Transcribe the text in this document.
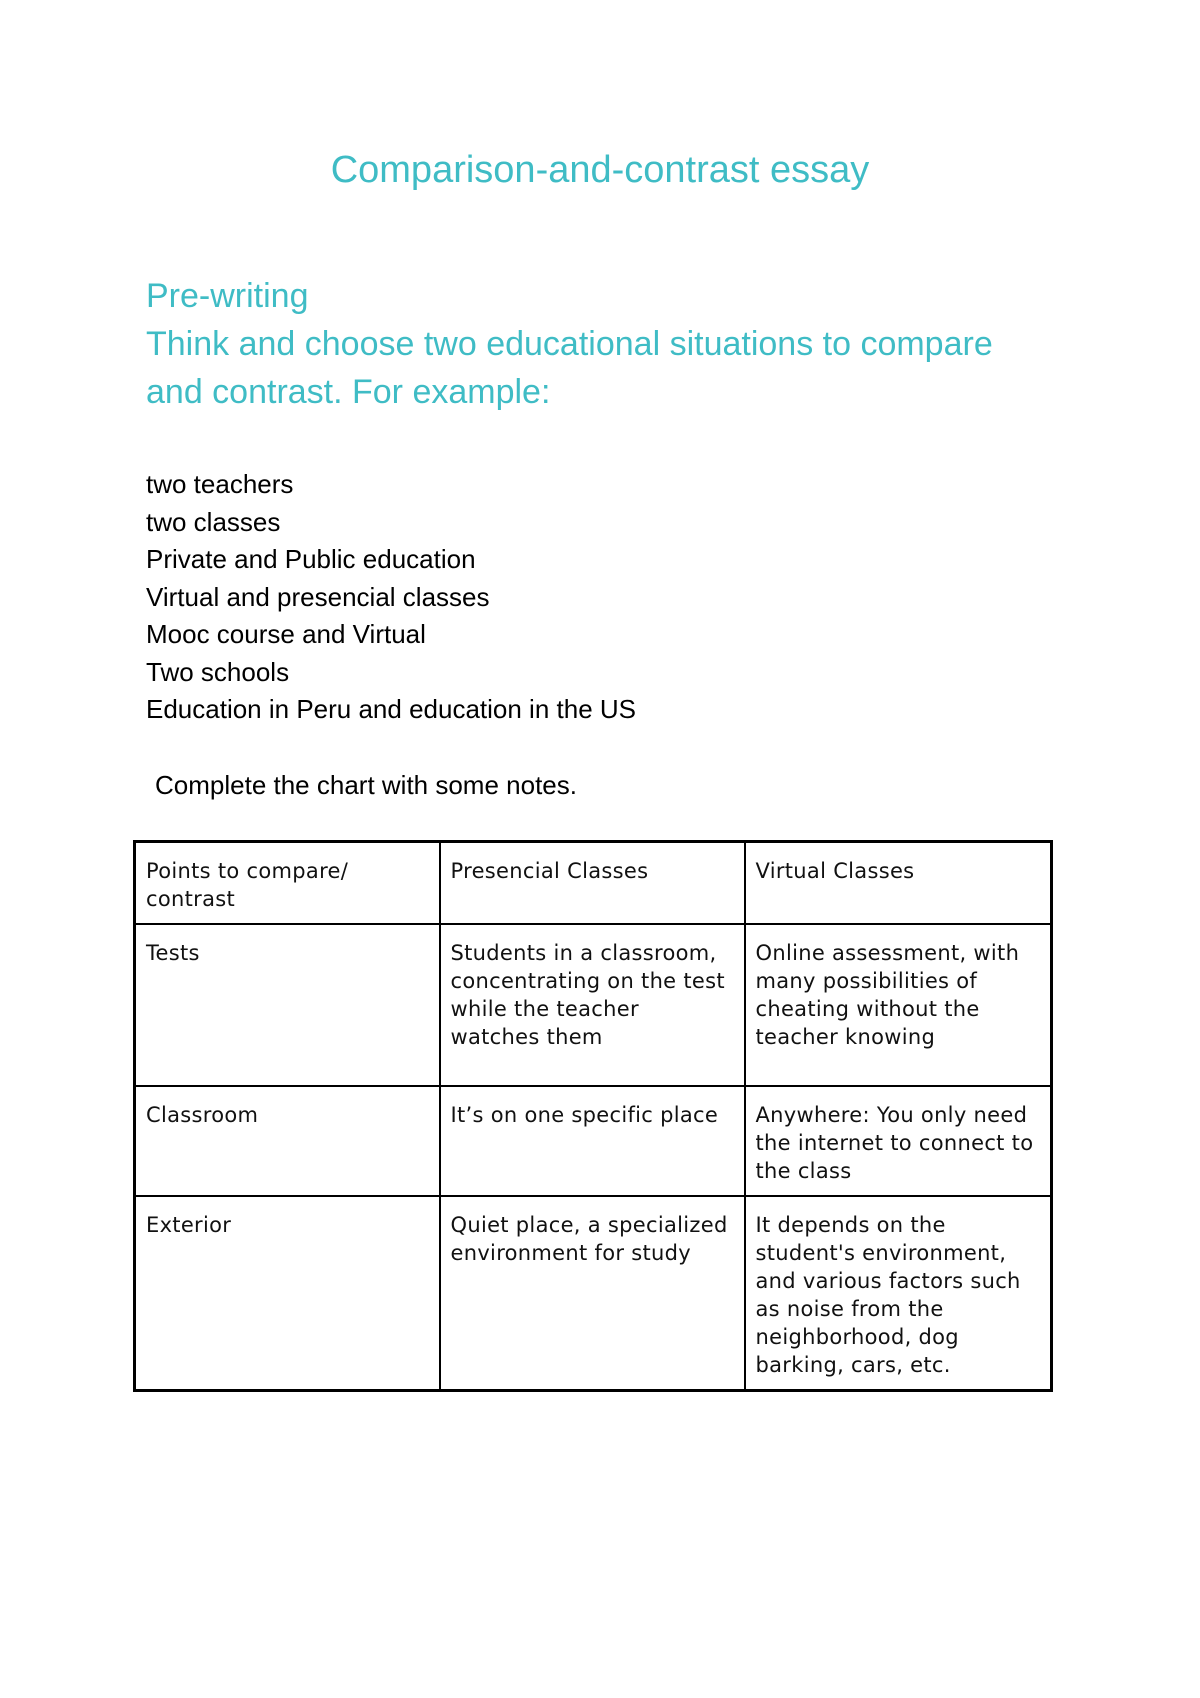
Comparison-and-contrast essay
Pre-writing
Think and choose two educational situations to compare
and contrast. For example:
two teachers
two classes
Private and Public education
Virtual and presencial classes
Mooc course and Virtual
Two schools
Education in Peru and education in the US
Complete the chart with some notes.
Points to compare/ contrast	Presencial Classes	Virtual Classes
Tests	Students in a classroom, concentrating on the test while the teacher watches them	Online assessment, with many possibilities of cheating without the teacher knowing
Classroom	It’s on one specific place	Anywhere: You only need the internet to connect to the class
Exterior	Quiet place, a specialized environment for study	It depends on the student's environment, and various factors such as noise from the neighborhood, dog barking, cars, etc.
